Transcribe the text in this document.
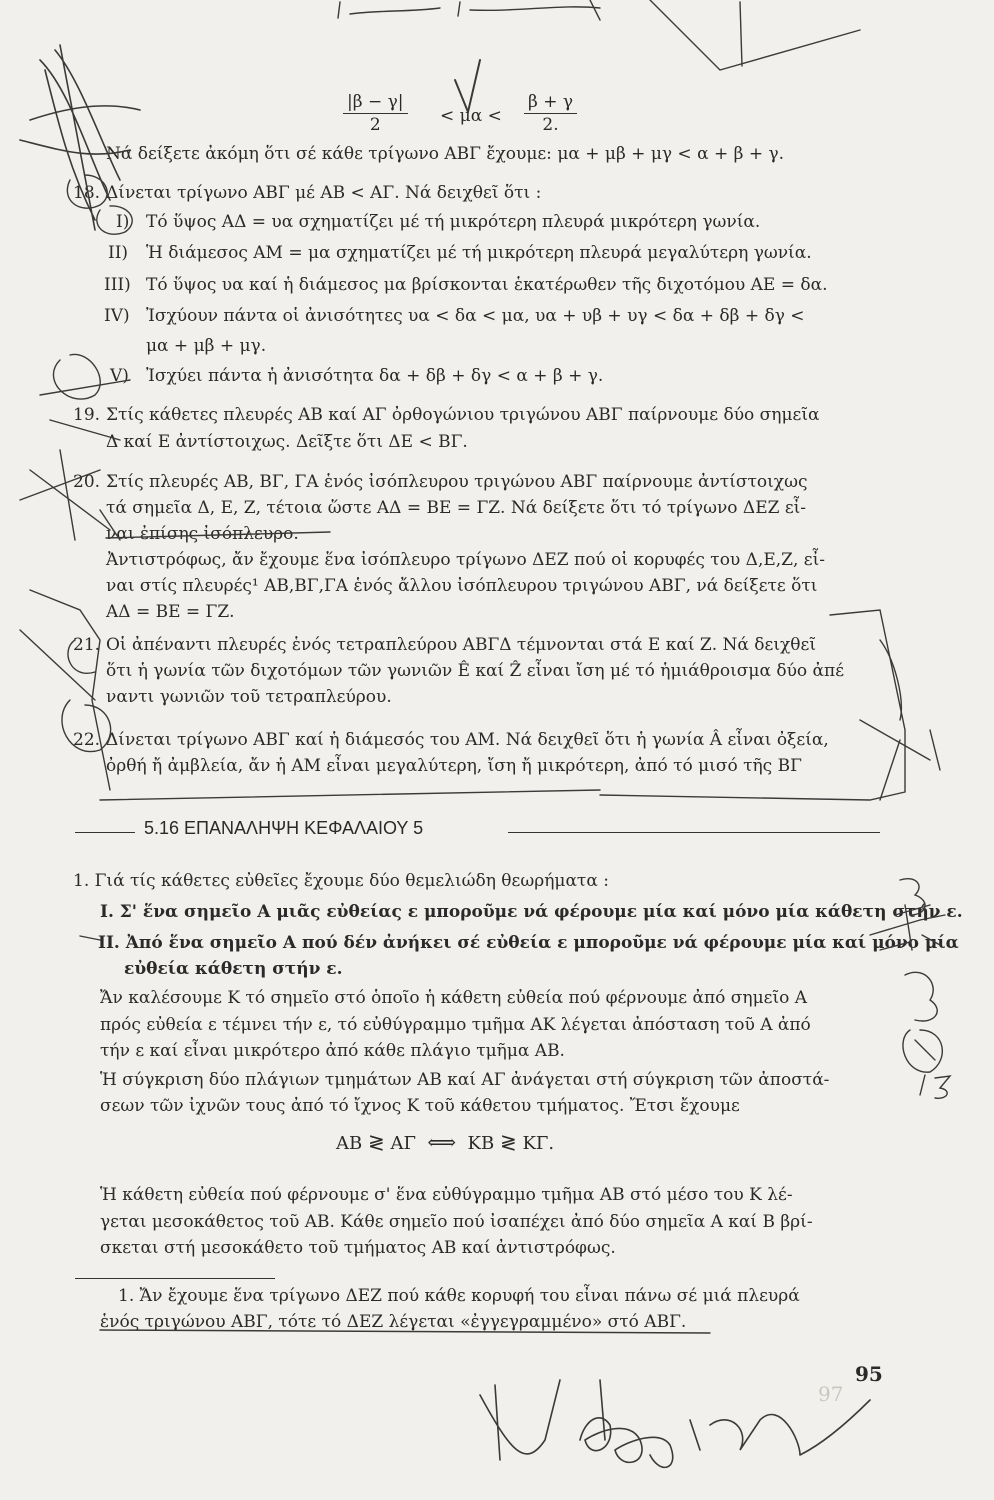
$\frac{|\beta - \gamma|}{2} < \mu\alpha < \frac{\beta + \gamma}{2.}$
Νά δείξετε ἀκόμη ὅτι σέ κάθε τρίγωνο ΑΒΓ ἔχουμε: μα + μβ + μγ < α + β + γ.
18. Δίνεται τρίγωνο ΑΒΓ μέ ΑΒ < ΑΓ. Νά δειχθεῖ ὅτι :
I) Τό ὕψος ΑΔ = υα σχηματίζει μέ τή μικρότερη πλευρά μικρότερη γωνία.
II) Ἡ διάμεσος ΑΜ = μα σχηματίζει μέ τή μικρότερη πλευρά μεγαλύτερη γωνία.
III) Τό ὕψος υα καί ἡ διάμεσος μα βρίσκονται ἑκατέρωθεν τῆς διχοτόμου ΑΕ = δα.
IV) Ἰσχύουν πάντα οἱ ἀνισότητες υα < δα < μα, υα + υβ + υγ < δα + δβ + δγ <
μα + μβ + μγ.
V) Ἰσχύει πάντα ἡ ἀνισότητα δα + δβ + δγ < α + β + γ.
19. Στίς κάθετες πλευρές ΑΒ καί ΑΓ ὀρθογώνιου τριγώνου ΑΒΓ παίρνουμε δύο σημεῖα
Δ καί Ε ἀντίστοιχως. Δεῖξτε ὅτι ΔΕ < ΒΓ.
20. Στίς πλευρές ΑΒ, ΒΓ, ΓΑ ἑνός ἰσόπλευρου τριγώνου ΑΒΓ παίρνουμε ἀντίστοιχως
τά σημεῖα Δ, Ε, Ζ, τέτοια ὥστε ΑΔ = ΒΕ = ΓΖ. Νά δείξετε ὅτι τό τρίγωνο ΔΕΖ εἶ-
ναι ἐπίσης ἰσόπλευρο.
Ἀντιστρόφως, ἄν ἔχουμε ἕνα ἰσόπλευρο τρίγωνο ΔΕΖ πού οἱ κορυφές του Δ,Ε,Ζ, εἶ-
ναι στίς πλευρές¹ ΑΒ,ΒΓ,ΓΑ ἑνός ἄλλου ἰσόπλευρου τριγώνου ΑΒΓ, νά δείξετε ὅτι
ΑΔ = ΒΕ = ΓΖ.
21. Οἱ ἀπέναντι πλευρές ἑνός τετραπλεύρου ΑΒΓΔ τέμνονται στά Ε καί Ζ. Νά δειχθεῖ
ὅτι ἡ γωνία τῶν διχοτόμων τῶν γωνιῶν Ê καί Ẑ εἶναι ἴση μέ τό ἡμιάθροισμα δύο ἀπέ
ναντι γωνιῶν τοῦ τετραπλεύρου.
22. Δίνεται τρίγωνο ΑΒΓ καί ἡ διάμεσός του ΑΜ. Νά δειχθεῖ ὅτι ἡ γωνία Â εἶναι ὀξεία,
ὀρθή ἤ ἀμβλεία, ἄν ἡ ΑΜ εἶναι μεγαλύτερη, ἴση ἤ μικρότερη, ἀπό τό μισό τῆς ΒΓ
5.16 ΕΠΑΝΑΛΗΨΗ ΚΕΦΑΛΑΙΟΥ 5
1. Γιά τίς κάθετες εὐθεῖες ἔχουμε δύο θεμελιώδη θεωρήματα :
I. Σ' ἕνα σημεῖο Α μιᾶς εὐθείας ε μποροῦμε νά φέρουμε μία καί μόνο μία κάθετη στήν ε.
II. Ἀπό ἕνα σημεῖο Α πού δέν ἀνήκει σέ εὐθεία ε μποροῦμε νά φέρουμε μία καί μόνο μία
εὐθεία κάθετη στήν ε.
Ἄν καλέσουμε Κ τό σημεῖο στό ὁποῖο ἡ κάθετη εὐθεία πού φέρνουμε ἀπό σημεῖο Α
πρός εὐθεία ε τέμνει τήν ε, τό εὐθύγραμμο τμῆμα ΑΚ λέγεται ἀπόσταση τοῦ Α ἀπό
τήν ε καί εἶναι μικρότερο ἀπό κάθε πλάγιο τμῆμα ΑΒ.
Ἡ σύγκριση δύο πλάγιων τμημάτων ΑΒ καί ΑΓ ἀνάγεται στή σύγκριση τῶν ἀποστά-
σεων τῶν ἰχνῶν τους ἀπό τό ἴχνος Κ τοῦ κάθετου τμήματος. Ἔτσι ἔχουμε
ΑΒ ≷ ΑΓ ⟺ ΚΒ ≷ ΚΓ.
Ἡ κάθετη εὐθεία πού φέρνουμε σ' ἕνα εὐθύγραμμο τμῆμα ΑΒ στό μέσο του Κ λέ-
γεται μεσοκάθετος τοῦ ΑΒ. Κάθε σημεῖο πού ἰσαπέχει ἀπό δύο σημεῖα Α καί Β βρί-
σκεται στή μεσοκάθετο τοῦ τμήματος ΑΒ καί ἀντιστρόφως.
1. Ἄν ἔχουμε ἕνα τρίγωνο ΔΕΖ πού κάθε κορυφή του εἶναι πάνω σέ μιά πλευρά
ἑνός τριγώνου ΑΒΓ, τότε τό ΔΕΖ λέγεται «ἐγγεγραμμένο» στό ΑΒΓ.
95
97
